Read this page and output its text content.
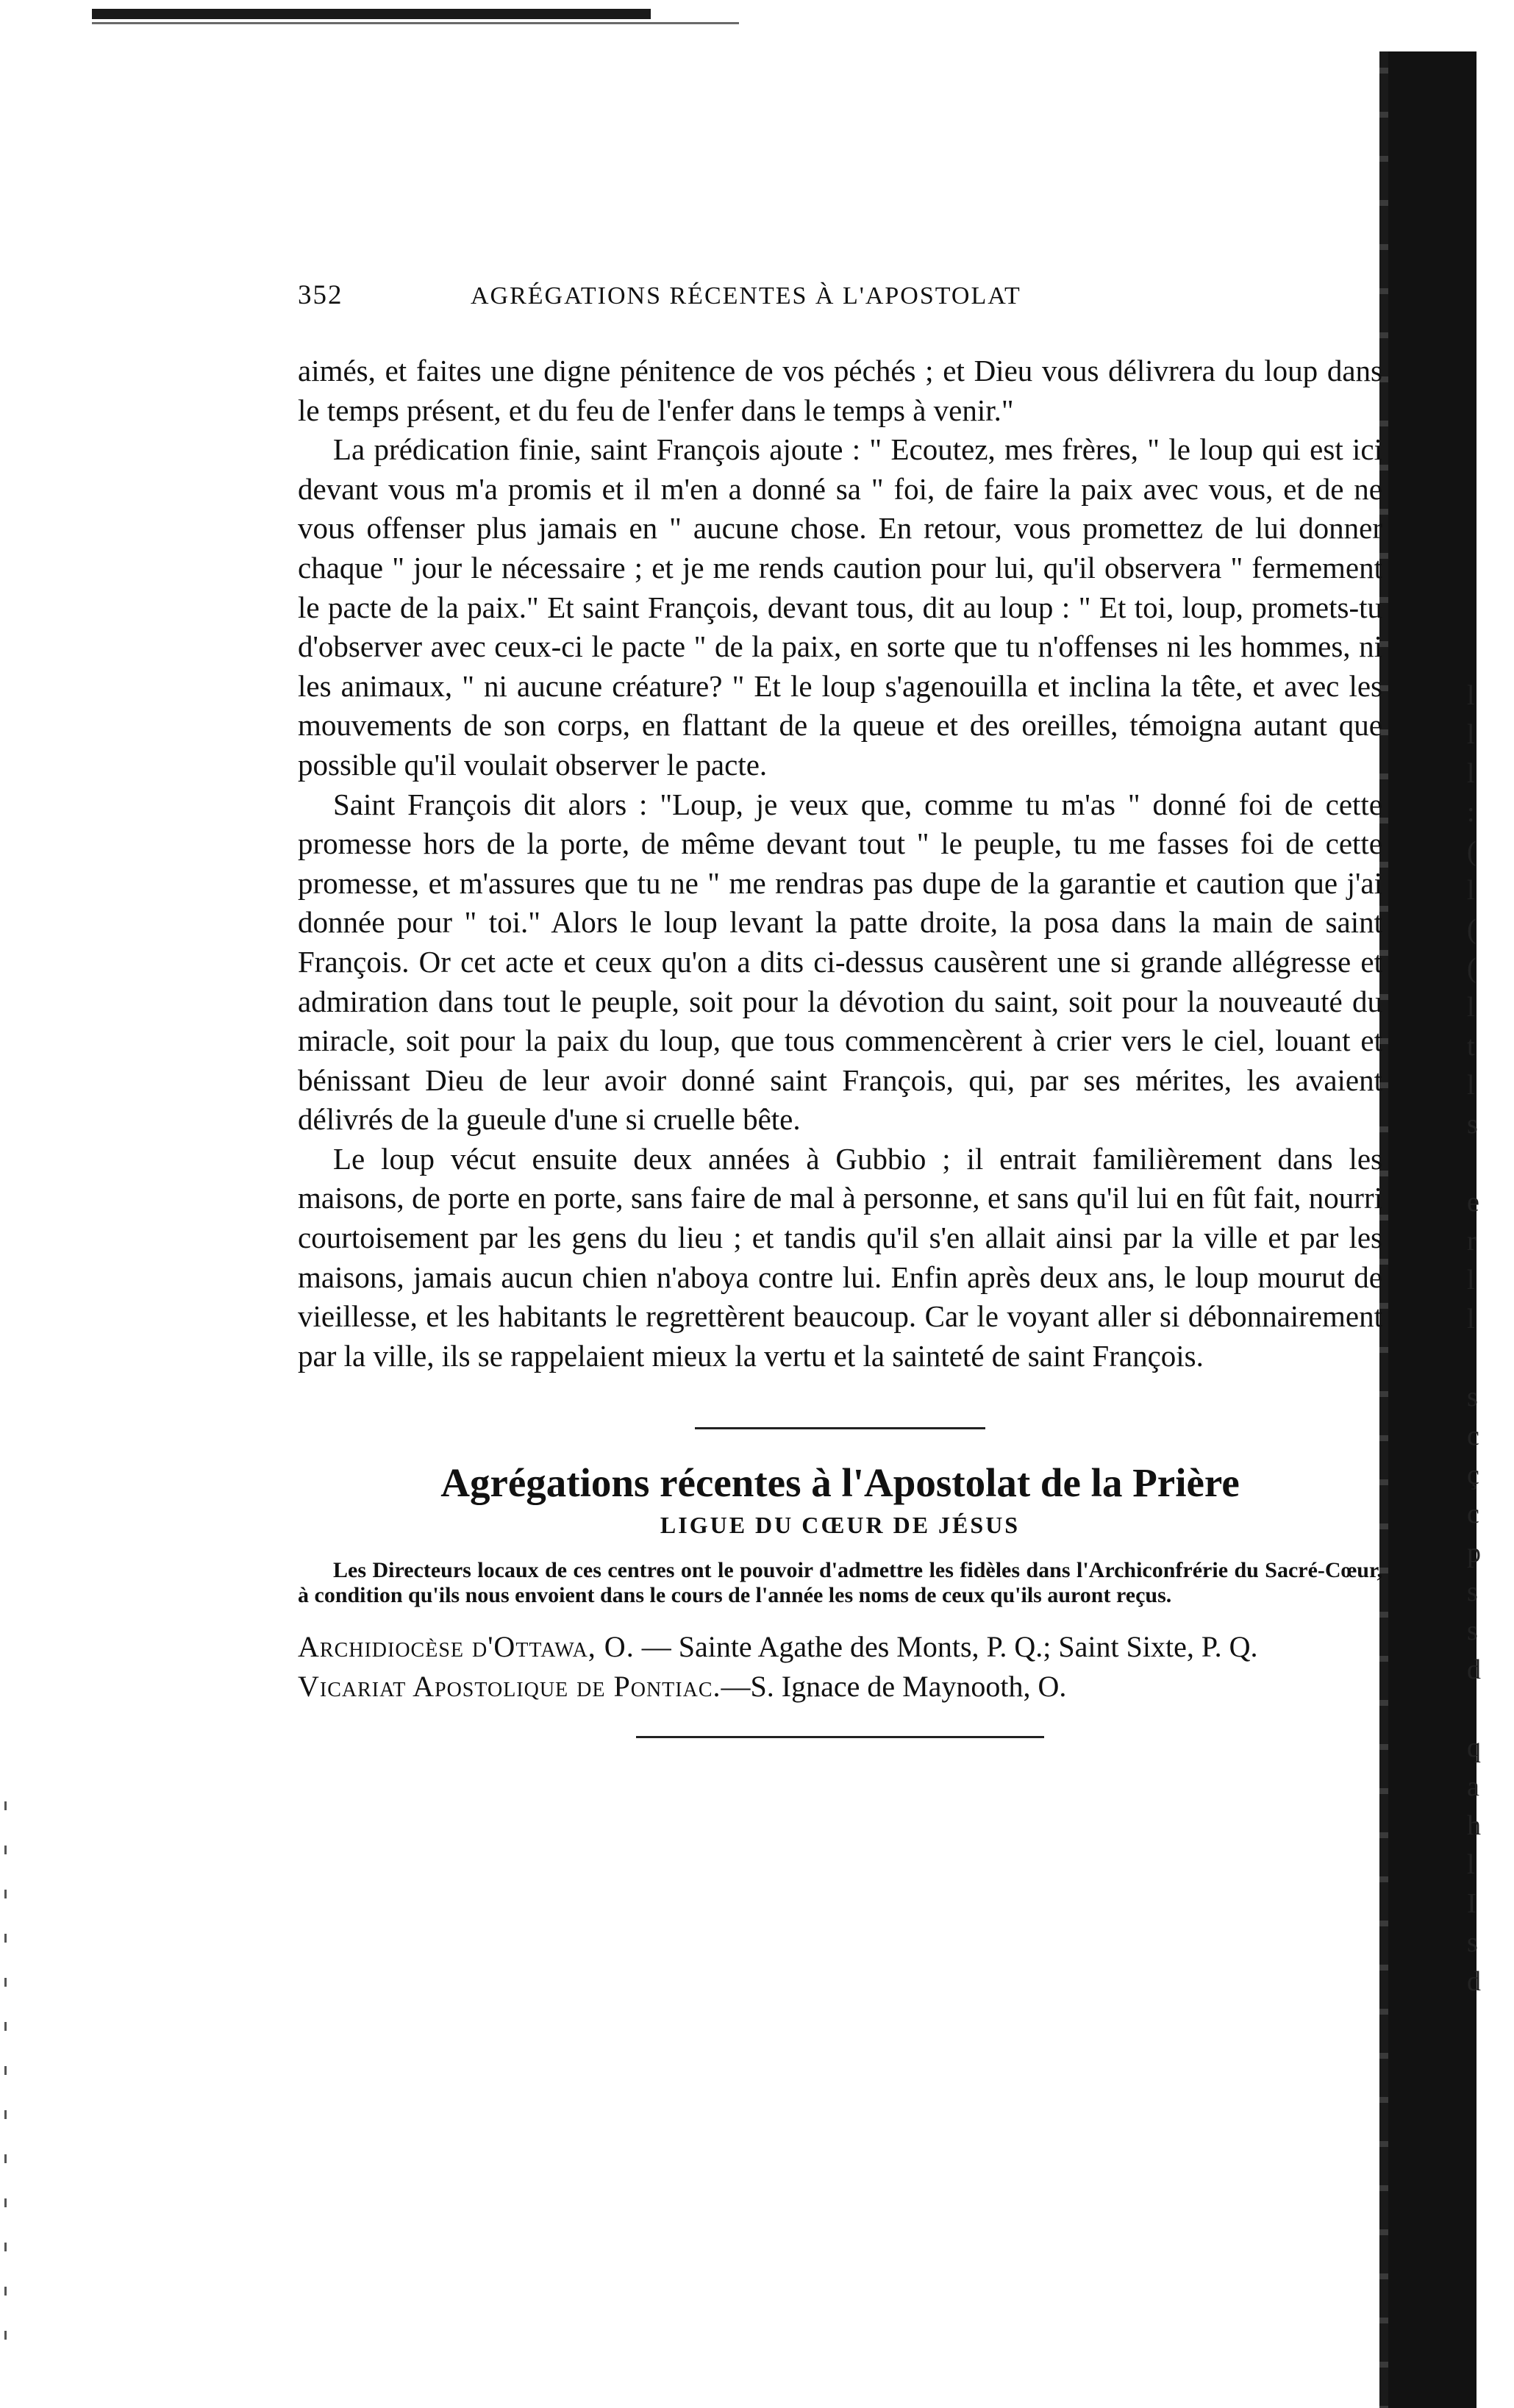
l
l
l
:
(
l
(
(
l
t
l
s

e
r
l
l

s
c
ç
c
p
s
s
d

q
a
h
l
I
s
d
352	AGRÉGATIONS RÉCENTES À L'APOSTOLAT

aimés, et faites une digne pénitence de vos péchés ; et Dieu vous délivrera du loup dans le temps présent, et du feu de l'enfer dans le temps à venir."

La prédication finie, saint François ajoute : " Ecoutez, mes frères, " le loup qui est ici devant vous m'a promis et il m'en a donné sa " foi, de faire la paix avec vous, et de ne vous offenser plus jamais en " aucune chose. En retour, vous promettez de lui donner chaque " jour le nécessaire ; et je me rends caution pour lui, qu'il observera " fermement le pacte de la paix." Et saint François, devant tous, dit au loup : " Et toi, loup, promets-tu d'observer avec ceux-ci le pacte " de la paix, en sorte que tu n'offenses ni les hommes, ni les animaux, " ni aucune créature? " Et le loup s'agenouilla et inclina la tête, et avec les mouvements de son corps, en flattant de la queue et des oreilles, témoigna autant que possible qu'il voulait observer le pacte.

Saint François dit alors : "Loup, je veux que, comme tu m'as " donné foi de cette promesse hors de la porte, de même devant tout " le peuple, tu me fasses foi de cette promesse, et m'assures que tu ne " me rendras pas dupe de la garantie et caution que j'ai donnée pour " toi." Alors le loup levant la patte droite, la posa dans la main de saint François. Or cet acte et ceux qu'on a dits ci-dessus causèrent une si grande allégresse et admiration dans tout le peuple, soit pour la dévotion du saint, soit pour la nouveauté du miracle, soit pour la paix du loup, que tous commencèrent à crier vers le ciel, louant et bénissant Dieu de leur avoir donné saint François, qui, par ses mérites, les avaient délivrés de la gueule d'une si cruelle bête.

Le loup vécut ensuite deux années à Gubbio ; il entrait familièrement dans les maisons, de porte en porte, sans faire de mal à personne, et sans qu'il lui en fût fait, nourri courtoisement par les gens du lieu ; et tandis qu'il s'en allait ainsi par la ville et par les maisons, jamais aucun chien n'aboya contre lui. Enfin après deux ans, le loup mourut de vieillesse, et les habitants le regrettèrent beaucoup. Car le voyant aller si débonnairement par la ville, ils se rappelaient mieux la vertu et la sainteté de saint François.

Agrégations récentes à l'Apostolat de la Prière
LIGUE DU CŒUR DE JÉSUS

Les Directeurs locaux de ces centres ont le pouvoir d'admettre les fidèles dans l'Archiconfrérie du Sacré-Cœur, à condition qu'ils nous envoient dans le cours de l'année les noms de ceux qu'ils auront reçus.

Archidiocèse d'Ottawa, O. — Sainte Agathe des Monts, P. Q.; Saint Sixte, P. Q.

Vicariat Apostolique de Pontiac.—S. Ignace de Maynooth, O.
